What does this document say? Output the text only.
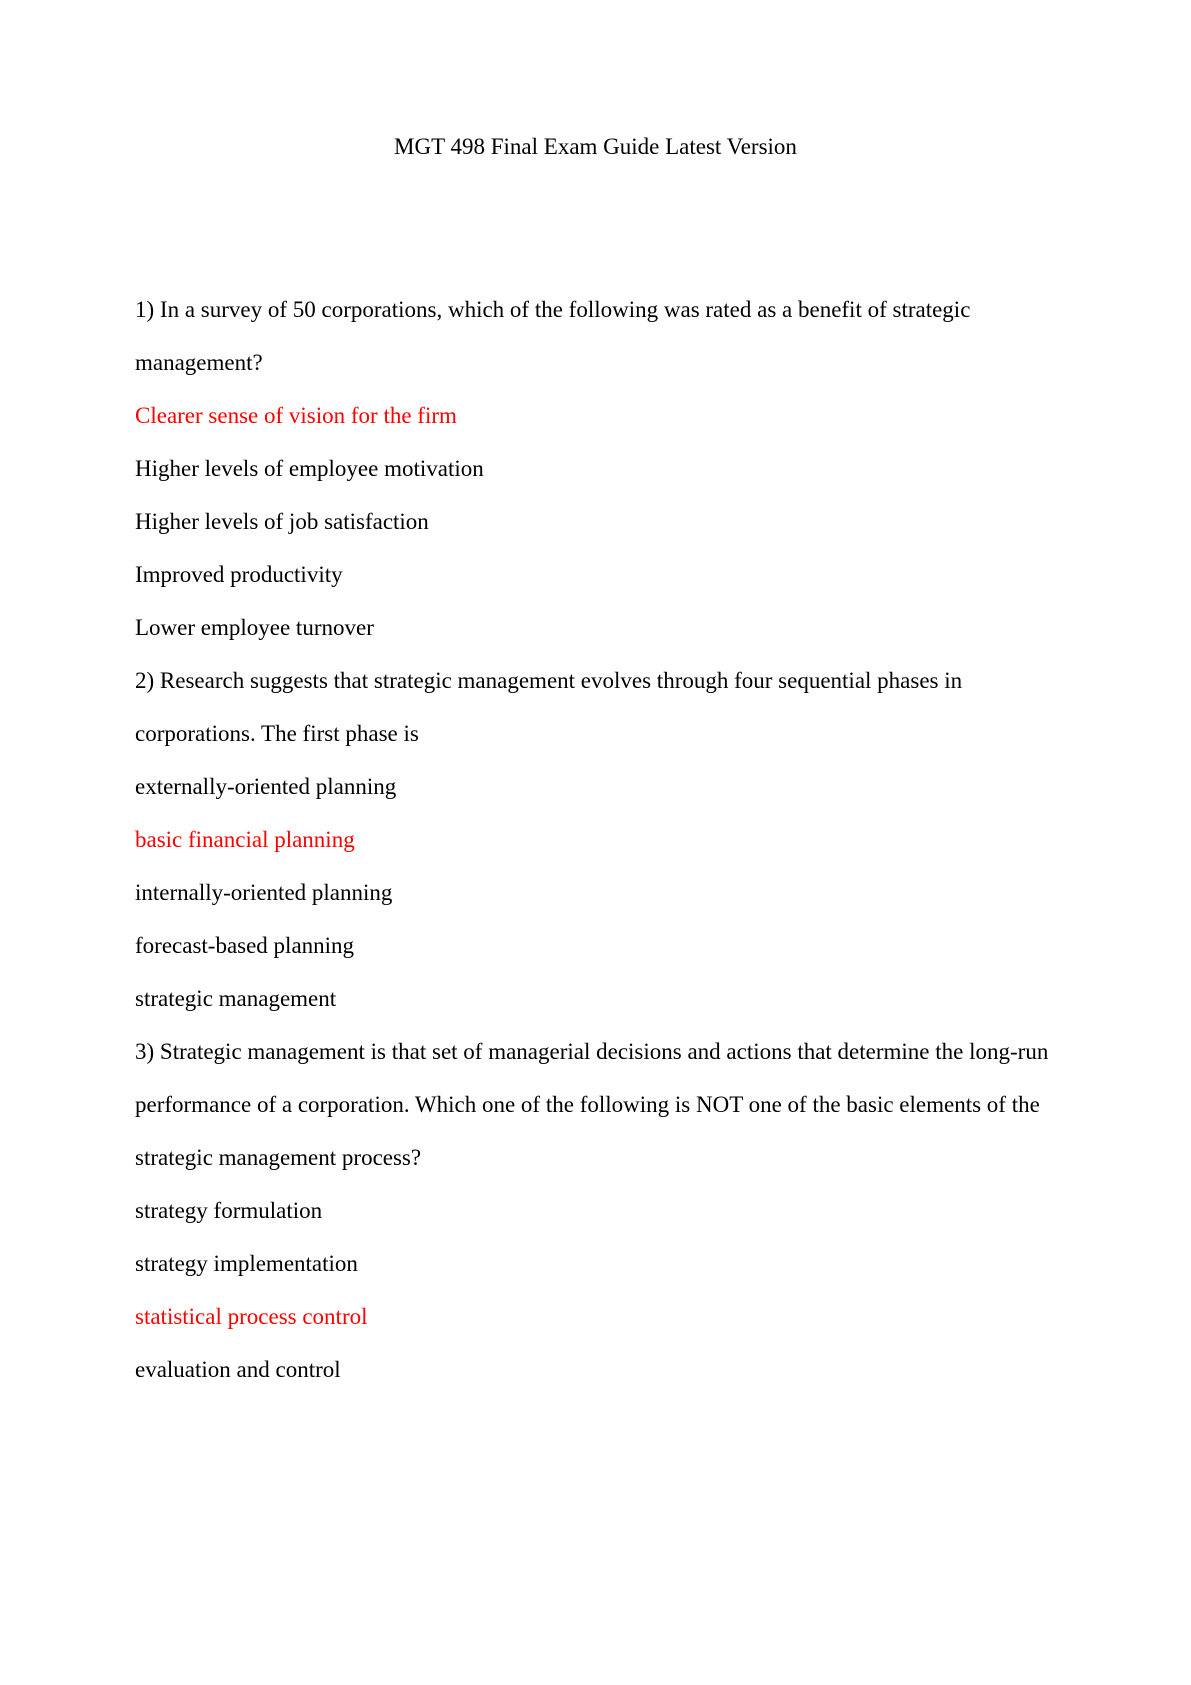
MGT 498 Final Exam Guide Latest Version
1) In a survey of 50 corporations, which of the following was rated as a benefit of strategic
management?
Clearer sense of vision for the firm
Higher levels of employee motivation
Higher levels of job satisfaction
Improved productivity
Lower employee turnover
2) Research suggests that strategic management evolves through four sequential phases in
corporations. The first phase is
externally-oriented planning
basic financial planning
internally-oriented planning
forecast-based planning
strategic management
3) Strategic management is that set of managerial decisions and actions that determine the long-run
performance of a corporation. Which one of the following is NOT one of the basic elements of the
strategic management process?
strategy formulation
strategy implementation
statistical process control
evaluation and control
